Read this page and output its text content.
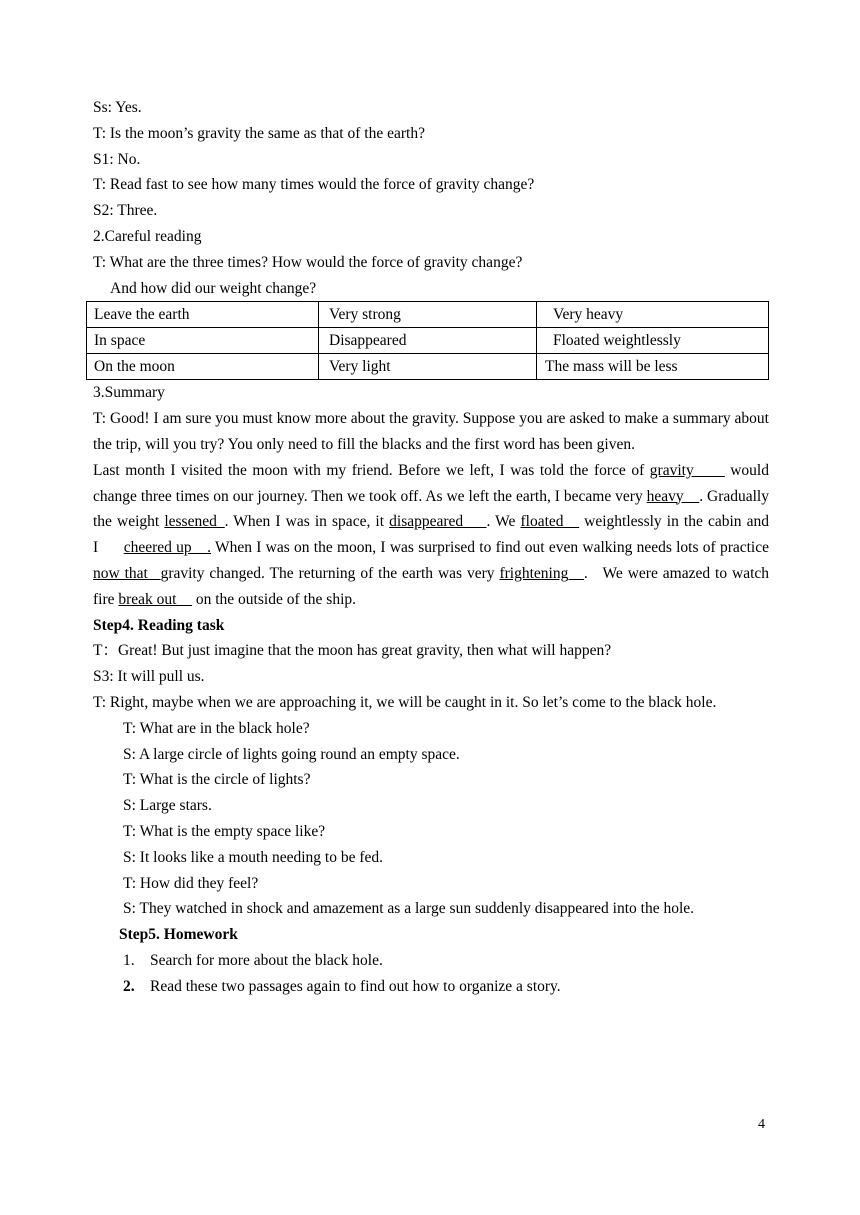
Ss: Yes.
T: Is the moon’s gravity the same as that of the earth?
S1: No.
T: Read fast to see how many times would the force of gravity change?
S2: Three.
2.Careful reading
T: What are the three times? How would the force of gravity change?
And how did our weight change?
Leave the earth	Very strong	Very heavy
In space	Disappeared	Floated weightlessly
On the moon	Very light	The mass will be less
3.Summary
T: Good! I am sure you must know more about the gravity. Suppose you are asked to make a summary about the trip, will you try? You only need to fill the blacks and the first word has been given.
Last month I visited the moon with my friend. Before we left, I was told the force of gravity____ would change three times on our journey. Then we took off. As we left the earth, I became very heavy__. Gradually the weight lessened_. When I was in space, it disappeared___. We floated__ weightlessly in the cabin and I      cheered up__. When I was on the moon, I was surprised to find out even walking needs lots of practice now that_ gravity changed. The returning of the earth was very frightening__.   We were amazed to watch fire break out__ on the outside of the ship.
Step4. Reading task
T：Great! But just imagine that the moon has great gravity, then what will happen?
S3: It will pull us.
T: Right, maybe when we are approaching it, we will be caught in it. So let’s come to the black hole.
T: What are in the black hole?
S: A large circle of lights going round an empty space.
T: What is the circle of lights?
S: Large stars.
T: What is the empty space like?
S: It looks like a mouth needing to be fed.
T: How did they feel?
S: They watched in shock and amazement as a large sun suddenly disappeared into the hole.
Step5. Homework
1. Search for more about the black hole.
2. Read these two passages again to find out how to organize a story.
4
